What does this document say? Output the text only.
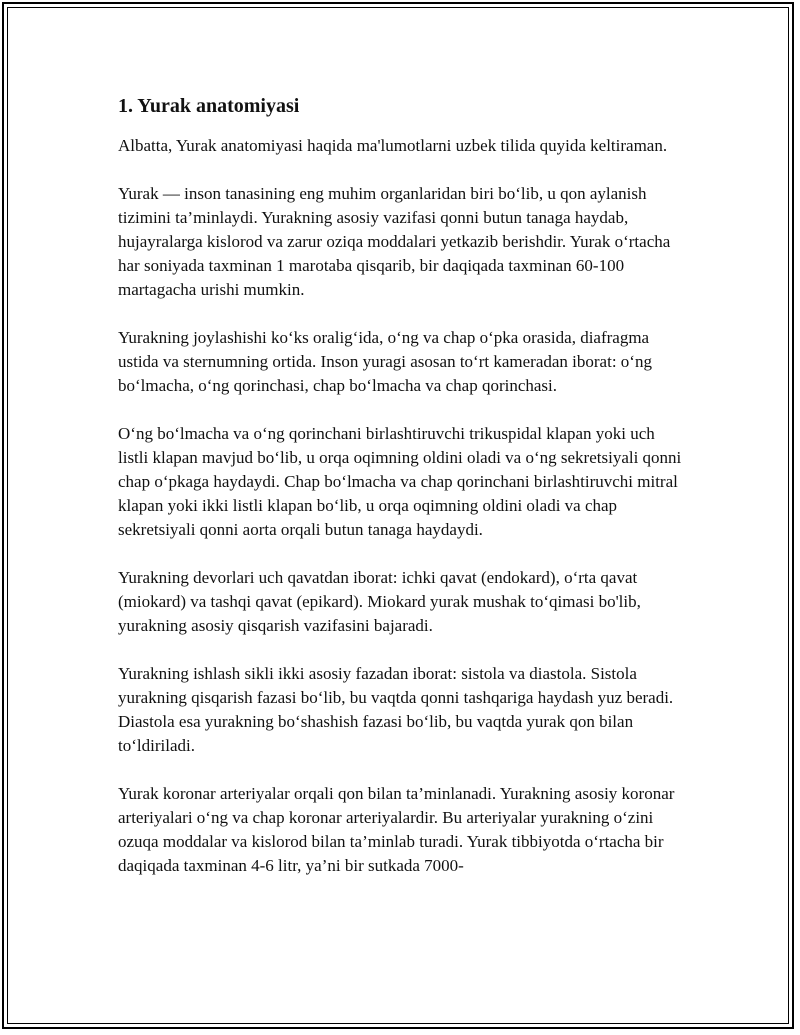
1. Yurak anatomiyasi

Albatta, Yurak anatomiyasi haqida ma'lumotlarni uzbek tilida quyida keltiraman.

Yurak — inson tanasining eng muhim organlaridan biri bo‘lib, u qon aylanish tizimini ta’minlaydi. Yurakning asosiy vazifasi qonni butun tanaga haydab, hujayralarga kislorod va zarur oziqa moddalari yetkazib berishdir. Yurak o‘rtacha har soniyada taxminan 1 marotaba qisqarib, bir daqiqada taxminan 60-100 martagacha urishi mumkin.

Yurakning joylashishi ko‘ks oralig‘ida, o‘ng va chap o‘pka orasida, diafragma ustida va sternumning ortida. Inson yuragi asosan to‘rt kameradan iborat: o‘ng bo‘lmacha, o‘ng qorinchasi, chap bo‘lmacha va chap qorinchasi.

O‘ng bo‘lmacha va o‘ng qorinchani birlashtiruvchi trikuspidal klapan yoki uch listli klapan mavjud bo‘lib, u orqa oqimning oldini oladi va o‘ng sekretsiyali qonni chap o‘pkaga haydaydi. Chap bo‘lmacha va chap qorinchani birlashtiruvchi mitral klapan yoki ikki listli klapan bo‘lib, u orqa oqimning oldini oladi va chap sekretsiyali qonni aorta orqali butun tanaga haydaydi.

Yurakning devorlari uch qavatdan iborat: ichki qavat (endokard), o‘rta qavat (miokard) va tashqi qavat (epikard). Miokard yurak mushak to‘qimasi bo'lib, yurakning asosiy qisqarish vazifasini bajaradi.

Yurakning ishlash sikli ikki asosiy fazadan iborat: sistola va diastola. Sistola yurakning qisqarish fazasi bo‘lib, bu vaqtda qonni tashqariga haydash yuz beradi. Diastola esa yurakning bo‘shashish fazasi bo‘lib, bu vaqtda yurak qon bilan to‘ldiriladi.

Yurak koronar arteriyalar orqali qon bilan ta’minlanadi. Yurakning asosiy koronar arteriyalari o‘ng va chap koronar arteriyalardir. Bu arteriyalar yurakning o‘zini ozuqa moddalar va kislorod bilan ta’minlab turadi. Yurak tibbiyotda o‘rtacha bir daqiqada taxminan 4-6 litr, ya’ni bir sutkada 7000-
